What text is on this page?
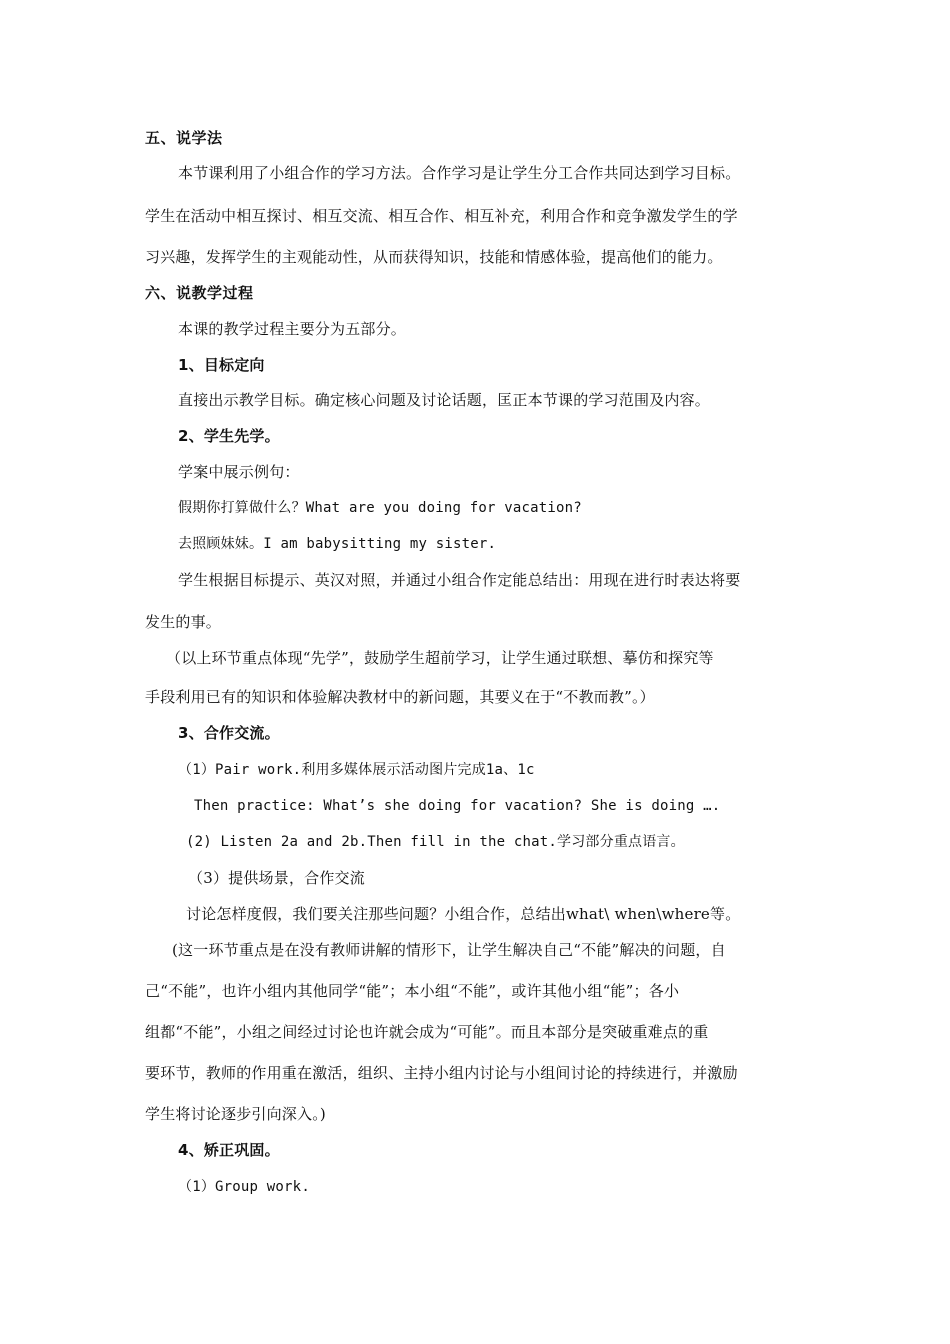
五、说学法
本节课利用了小组合作的学习方法。合作学习是让学生分工合作共同达到学习目标。
学生在活动中相互探讨、相互交流、相互合作、相互补充，利用合作和竞争激发学生的学
习兴趣，发挥学生的主观能动性，从而获得知识，技能和情感体验，提高他们的能力。
六、说教学过程
本课的教学过程主要分为五部分。
1、目标定向
直接出示教学目标。确定核心问题及讨论话题，匡正本节课的学习范围及内容。
2、学生先学。
学案中展示例句：
假期你打算做什么？What are you doing for vacation?
去照顾妹妹。I am babysitting my sister.
学生根据目标提示、英汉对照，并通过小组合作定能总结出：用现在进行时表达将要
发生的事。
（以上环节重点体现“先学”，鼓励学生超前学习，让学生通过联想、摹仿和探究等
手段利用已有的知识和体验解决教材中的新问题，其要义在于“不教而教”。）
3、合作交流。
（1）Pair work.利用多媒体展示活动图片完成1a、1c
Then practice: What’s she doing for vacation? She is doing ….
(2) Listen 2a and 2b.Then fill in the chat.学习部分重点语言。
（3）提供场景，合作交流
讨论怎样度假，我们要关注那些问题？小组合作，总结出what\ when\where等。
(这一环节重点是在没有教师讲解的情形下，让学生解决自己“不能”解决的问题，自
己“不能”，也许小组内其他同学“能”；本小组“不能”，或许其他小组“能”；各小
组都“不能”，小组之间经过讨论也许就会成为“可能”。而且本部分是突破重难点的重
要环节，教师的作用重在激活，组织、主持小组内讨论与小组间讨论的持续进行，并激励
学生将讨论逐步引向深入。)
4、矫正巩固。
（1）Group work.
